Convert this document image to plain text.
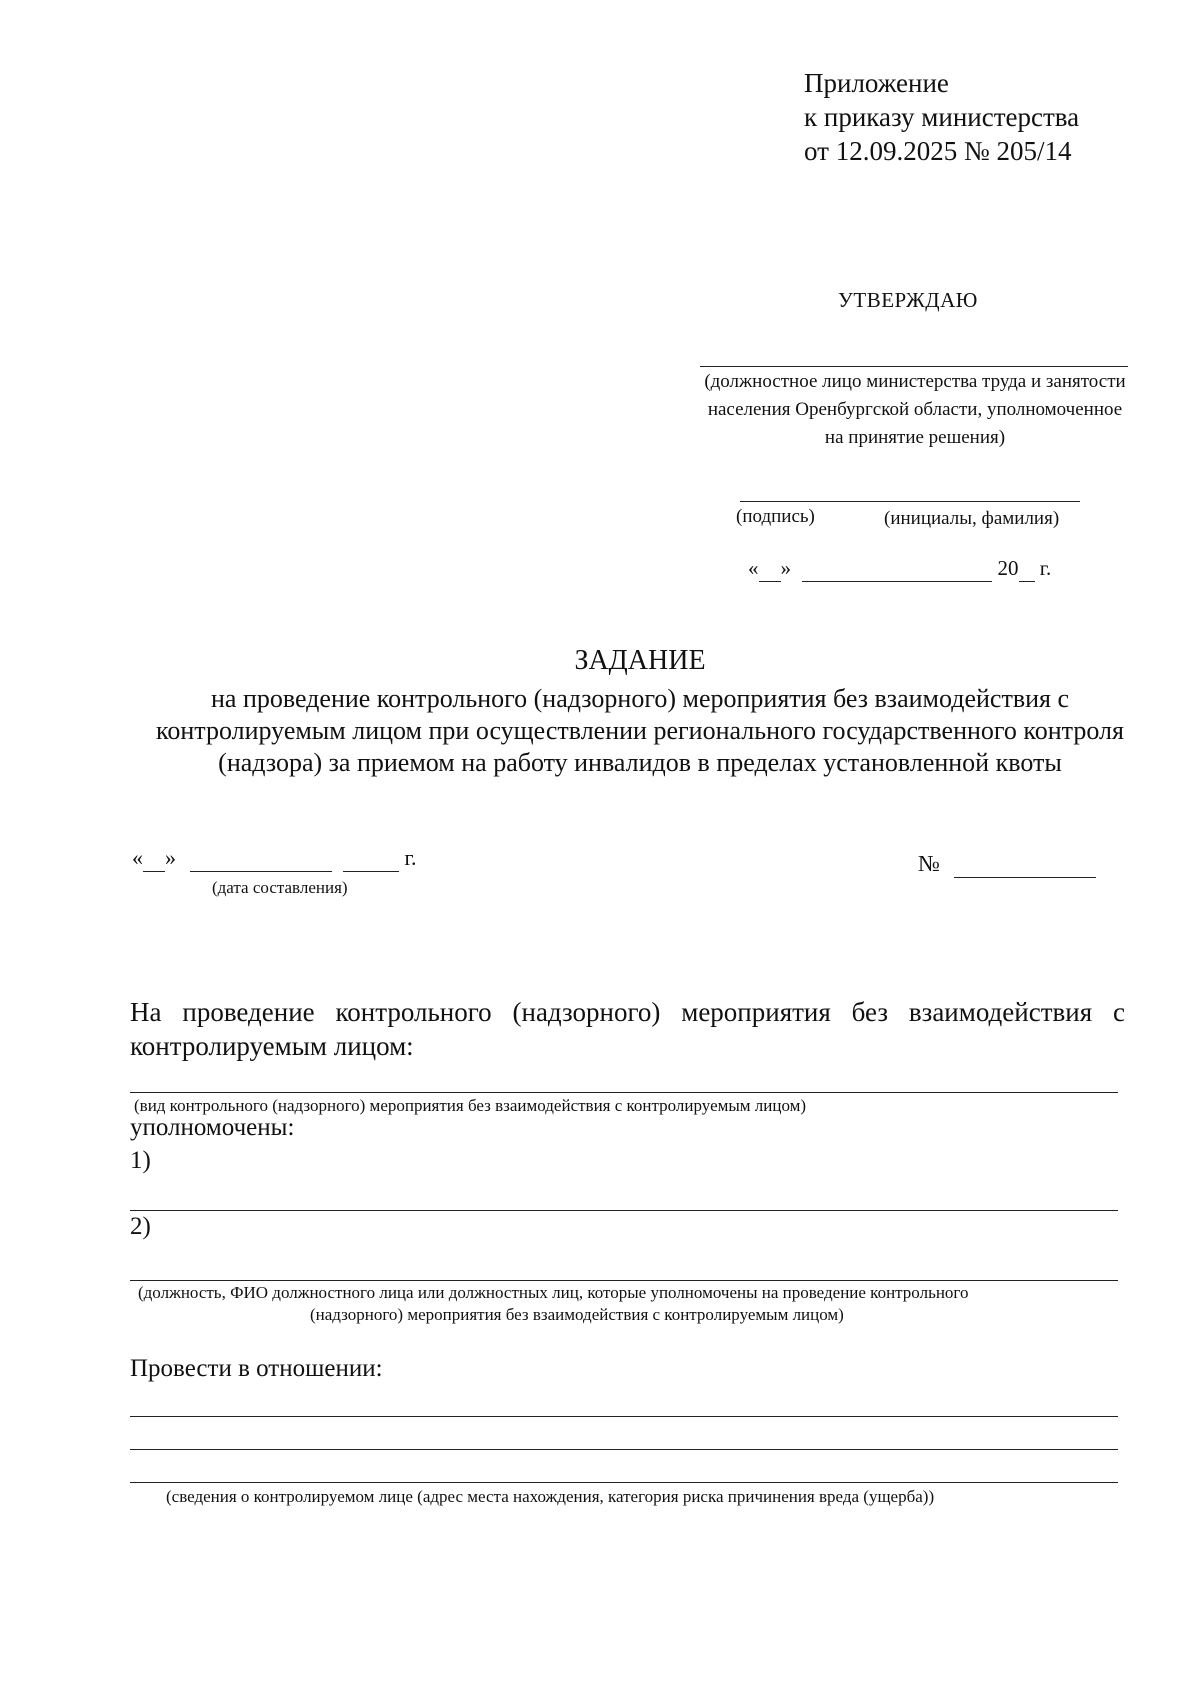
Приложение
к приказу министерства
от 12.09.2025 № 205/14
УТВЕРЖДАЮ
(должностное лицо министерства труда и занятости населения Оренбургской области, уполномоченное на принятие решения)
(подпись)	(инициалы, фамилия)
« »	20 г.
ЗАДАНИЕ
на проведение контрольного (надзорного) мероприятия без взаимодействия с контролируемым лицом при осуществлении регионального государственного контроля (надзора) за приемом на работу инвалидов в пределах установленной квоты
« »	г.
(дата составления)
№
На проведение контрольного (надзорного) мероприятия без взаимодействия с контролируемым лицом:
(вид контрольного (надзорного) мероприятия без взаимодействия с контролируемым лицом)
уполномочены:
1)
2)
(должность, ФИО должностного лица или должностных лиц, которые уполномочены на проведение контрольного
(надзорного) мероприятия без взаимодействия с контролируемым лицом)
Провести в отношении:
(сведения о контролируемом лице (адрес места нахождения, категория риска причинения вреда (ущерба))
